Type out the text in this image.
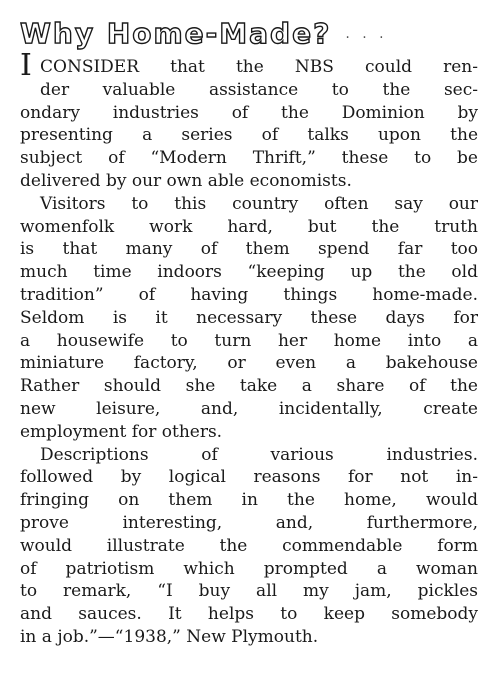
Why Home-Made? . . .
I CONSIDER that the NBS could ren-
der valuable assistance to the sec-
ondary industries of the Dominion by
presenting a series of talks upon the
subject of “Modern Thrift,” these to be
delivered by our own able economists.
Visitors to this country often say our
womenfolk work hard, but the truth
is that many of them spend far too
much time indoors “keeping up the old
tradition” of having things home-made.
Seldom is it necessary these days for
a housewife to turn her home into a
miniature factory, or even a bakehouse
Rather should she take a share of the
new leisure, and, incidentally, create
employment for others.
Descriptions of various industries.
followed by logical reasons for not in-
fringing on them in the home, would
prove interesting, and, furthermore,
would illustrate the commendable form
of patriotism which prompted a woman
to remark, “I buy all my jam, pickles
and sauces. It helps to keep somebody
in a job.”—“1938,” New Plymouth.
